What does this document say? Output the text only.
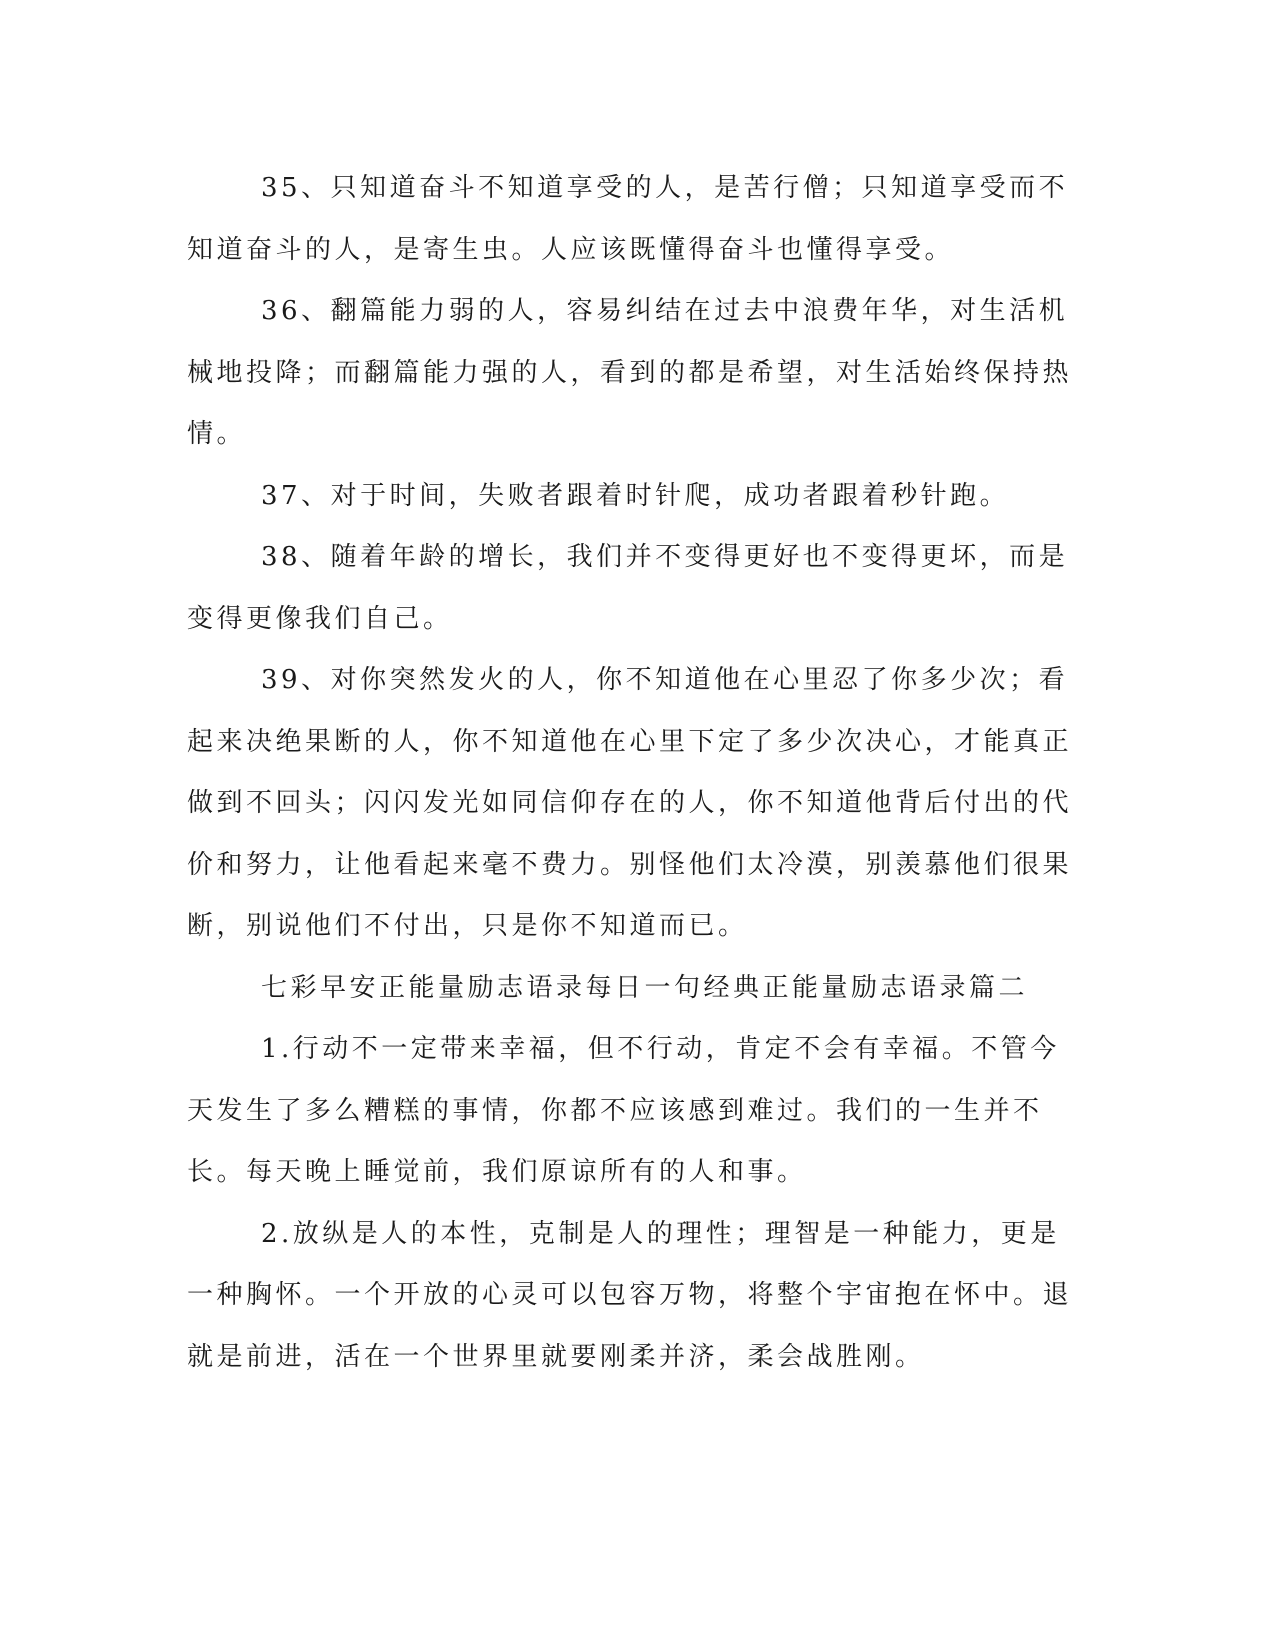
35、只知道奋斗不知道享受的人，是苦行僧；只知道享受而不知道奋斗的人，是寄生虫。人应该既懂得奋斗也懂得享受。

36、翻篇能力弱的人，容易纠结在过去中浪费年华，对生活机械地投降；而翻篇能力强的人，看到的都是希望，对生活始终保持热情。

37、对于时间，失败者跟着时针爬，成功者跟着秒针跑。

38、随着年龄的增长，我们并不变得更好也不变得更坏，而是变得更像我们自己。

39、对你突然发火的人，你不知道他在心里忍了你多少次；看起来决绝果断的人，你不知道他在心里下定了多少次决心，才能真正做到不回头；闪闪发光如同信仰存在的人，你不知道他背后付出的代价和努力，让他看起来毫不费力。别怪他们太冷漠，别羡慕他们很果断，别说他们不付出，只是你不知道而已。

七彩早安正能量励志语录每日一句经典正能量励志语录篇二

1.行动不一定带来幸福，但不行动，肯定不会有幸福。不管今天发生了多么糟糕的事情，你都不应该感到难过。我们的一生并不长。每天晚上睡觉前，我们原谅所有的人和事。

2.放纵是人的本性，克制是人的理性；理智是一种能力，更是一种胸怀。一个开放的心灵可以包容万物，将整个宇宙抱在怀中。退就是前进，活在一个世界里就要刚柔并济，柔会战胜刚。
